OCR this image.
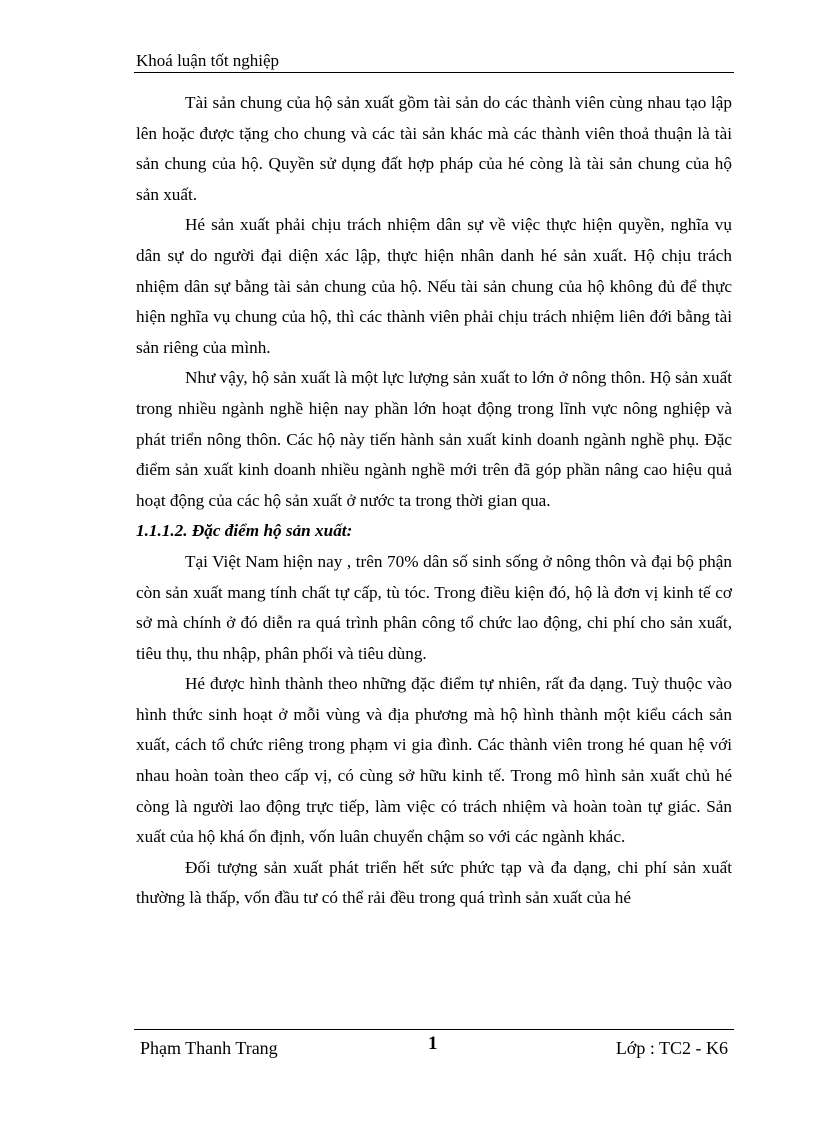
Khoá luận tốt nghiệp

Tài sản chung của hộ sản xuất gồm tài sản do các thành viên cùng nhau tạo lập lên hoặc được tặng cho chung và các tài sản khác mà các thành viên thoả thuận là tài sản chung của hộ. Quyền sử dụng đất hợp pháp của hé còng là tài sản chung của hộ sản xuất.

Hé sản xuất phải chịu trách nhiệm dân sự về việc thực hiện quyền, nghĩa vụ dân sự do người đại diện xác lập, thực hiện nhân danh hé sản xuất. Hộ chịu trách nhiệm dân sự bằng tài sản chung của hộ. Nếu tài sản chung của hộ không đủ để thực hiện nghĩa vụ chung của hộ, thì các thành viên phải chịu trách nhiệm liên đới bằng tài sản riêng của mình.

Như vậy, hộ sản xuất là một lực lượng sản xuất to lớn ở nông thôn. Hộ sản xuất trong nhiều ngành nghề hiện nay phần lớn hoạt động trong lĩnh vực nông nghiệp và phát triển nông thôn. Các hộ này tiến hành sản xuất kinh doanh ngành nghề phụ. Đặc điểm sản xuất kinh doanh nhiều ngành nghề mới trên đã góp phần nâng cao hiệu quả hoạt động của các hộ sản xuất ở nước ta trong thời gian qua.

1.1.1.2. Đặc điểm hộ sản xuất:

Tại Việt Nam hiện nay , trên 70% dân số sinh sống ở nông thôn và đại bộ phận còn sản xuất mang tính chất tự cấp, tù tóc. Trong điều kiện đó, hộ là đơn vị kinh tế cơ sở mà chính ở đó diễn ra quá trình phân công tổ chức lao động, chi phí cho sản xuất, tiêu thụ, thu nhập, phân phối và tiêu dùng.

Hé được hình thành theo những đặc điểm tự nhiên, rất đa dạng. Tuỳ thuộc vào hình thức sinh hoạt ở mỗi vùng và địa phương mà hộ hình thành một kiểu cách sản xuất, cách tổ chức riêng trong phạm vi gia đình. Các thành viên trong hé quan hệ với nhau hoàn toàn theo cấp vị, có cùng sở hữu kinh tế. Trong mô hình sản xuất chủ hé còng là người lao động trực tiếp, làm việc có trách nhiệm và hoàn toàn tự giác. Sản xuất của hộ khá ổn định, vốn luân chuyển chậm so với các ngành khác.

Đối tượng sản xuất phát triển hết sức phức tạp và đa dạng, chi phí sản xuất thường là thấp, vốn đầu tư có thể rải đều trong quá trình sản xuất của hé

Phạm Thanh Trang	1	Lớp : TC2 - K6
